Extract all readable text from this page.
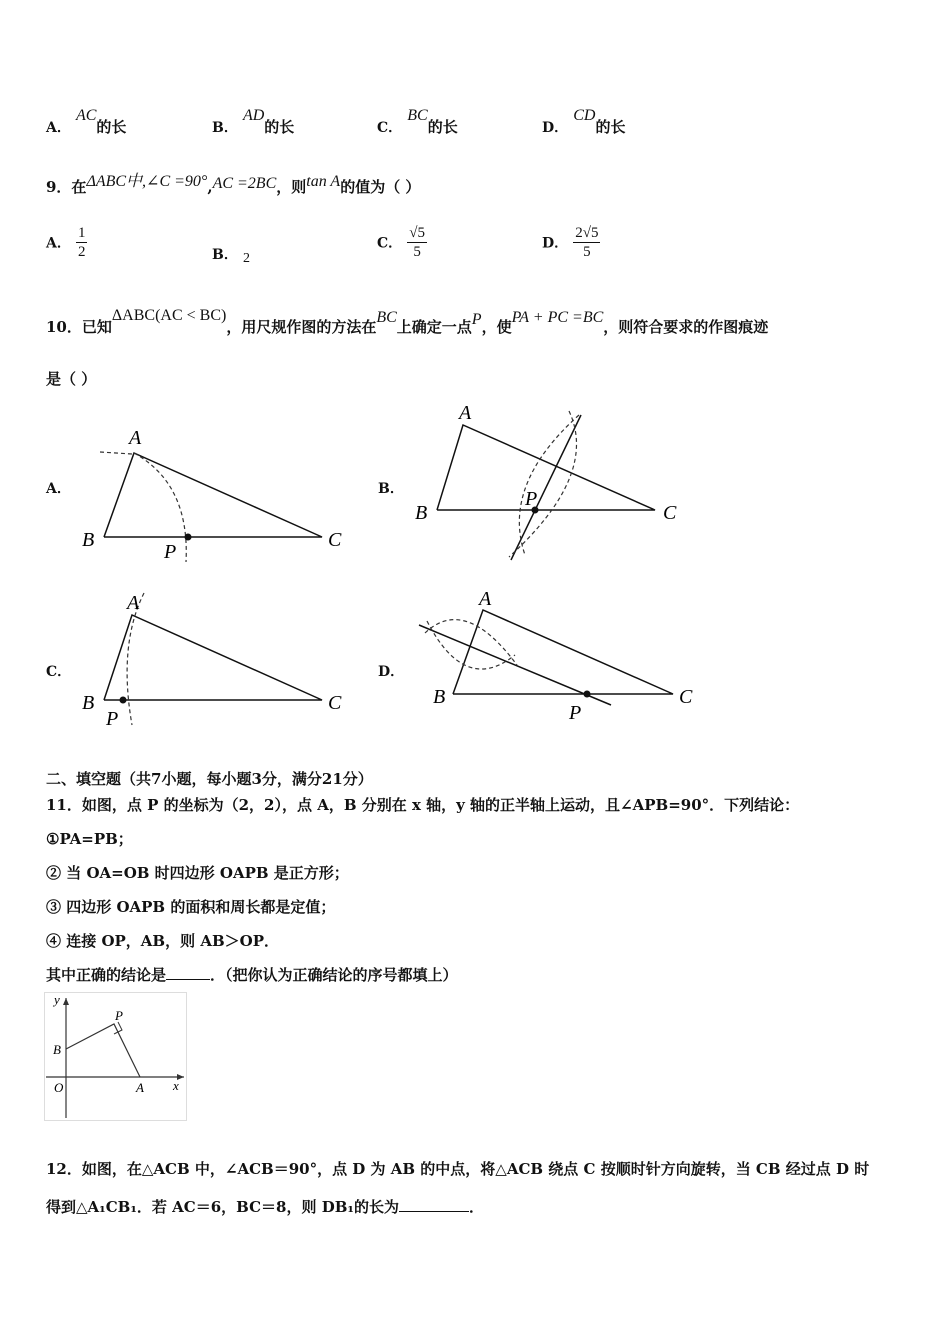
A． AC的长	B． AD的长	C． BC的长	D． CD的长
9．在ΔABC中,∠C =90°,AC =2BC，则tan A的值为（ ）
A． $\frac{1}{2}$	B． 2
C． $\frac{√5}{5}$	D． $\frac{2√5}{5}$
10．已知ΔABC(AC < BC)，用尺规作图的方法在BC上确定一点P，使PA + PC =BC，则符合要求的作图痕迹
是（ ）
A．
A
B	C
P
B．
A
B	C
P
C．
A
B	C
P
D．
A
B	C
P
二、填空题（共7小题，每小题3分，满分21分）
11．如图，点 P 的坐标为（2，2），点 A，B 分别在 x 轴，y 轴的正半轴上运动，且∠APB=90°．下列结论：
①PA=PB；
② 当 OA=OB 时四边形 OAPB 是正方形；
③ 四边形 OAPB 的面积和周长都是定值；
④ 连接 OP，AB，则 AB＞OP．
其中正确的结论是	．（把你认为正确结论的序号都填上）
y
x
P
B
O	A
12．如图，在△ACB 中，∠ACB＝90°，点 D 为 AB 的中点，将△ACB 绕点 C 按顺时针方向旋转，当 CB 经过点 D 时
得到△A₁CB₁．若 AC＝6，BC＝8，则 DB₁的长为	．
